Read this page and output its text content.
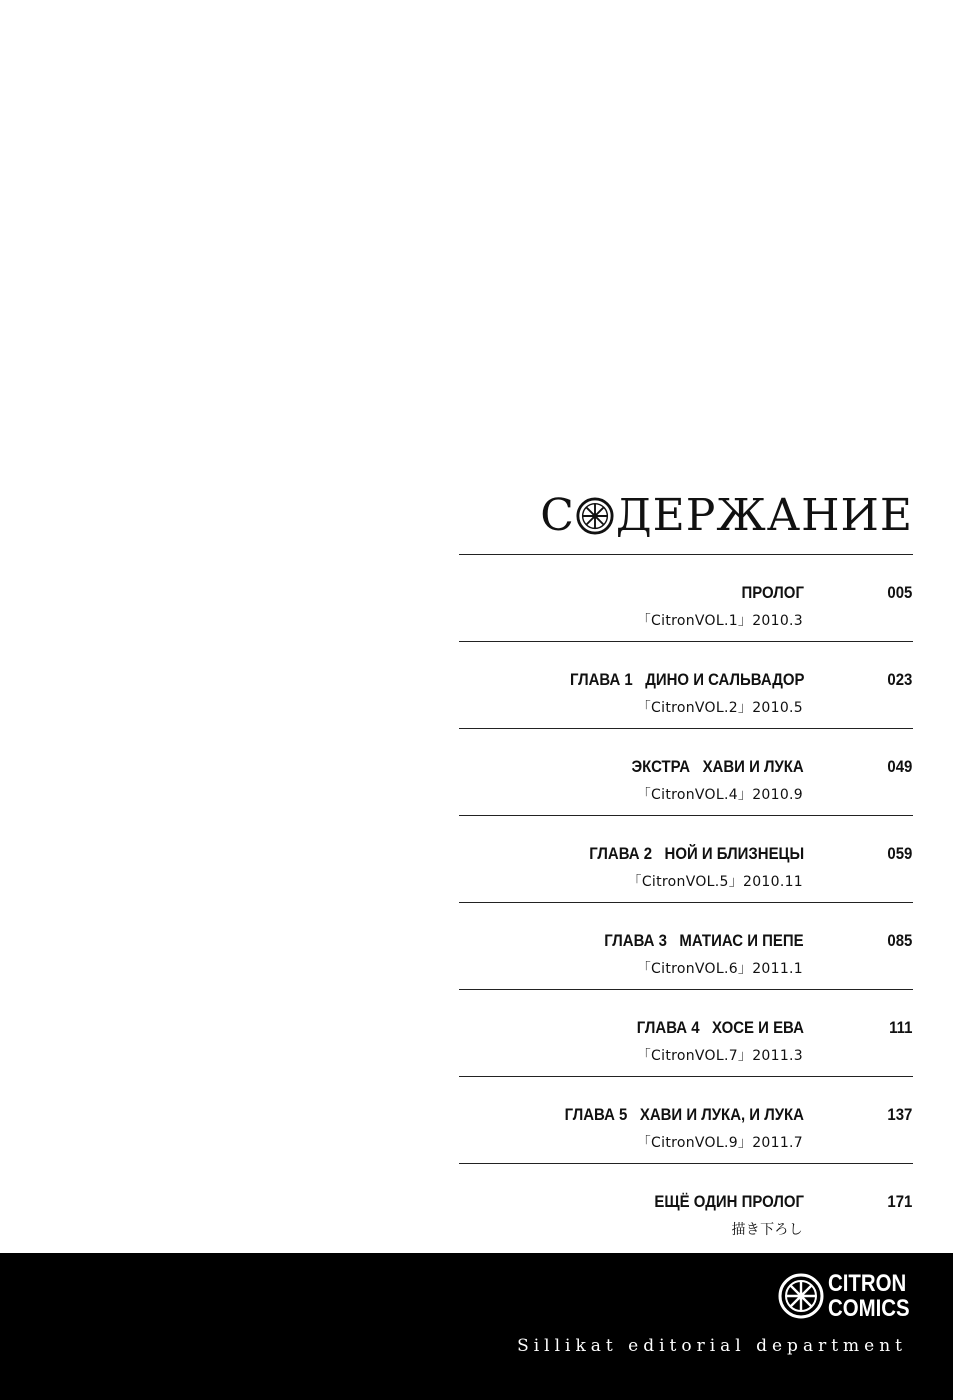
С ДЕРЖАНИЕ
ПРОЛОГ	005
「CitronVOL.1」2010.3
ГЛАВА 1   ДИНО И САЛЬВАДОР	023
「CitronVOL.2」2010.5
ЭКСТРА   ХАВИ И ЛУКА	049
「CitronVOL.4」2010.9
ГЛАВА 2   НОЙ И БЛИЗНЕЦЫ	059
「CitronVOL.5」2010.11
ГЛАВА 3   МАТИАС И ПЕПЕ	085
「CitronVOL.6」2011.1
ГЛАВА 4   ХОСЕ И ЕВА	111
「CitronVOL.7」2011.3
ГЛАВА 5   ХАВИ И ЛУКА, И ЛУКА	137
「CitronVOL.9」2011.7
ЕЩЁ ОДИН ПРОЛОГ	171
描き下ろし
CITRON
COMICS
Sillikat editorial department
